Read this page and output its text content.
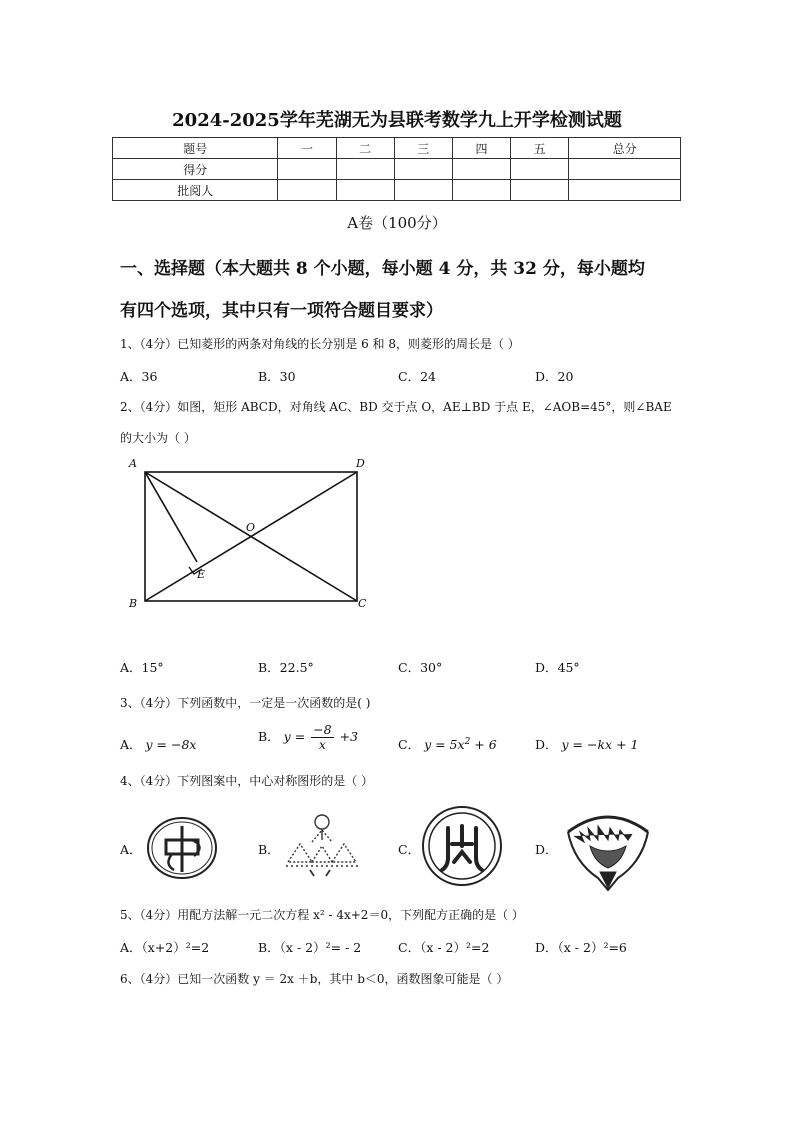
2024-2025学年芜湖无为县联考数学九上开学检测试题
题号	一	二	三	四	五	总分
得分						
批阅人						
A卷（100分）
一、选择题（本大题共 8 个小题，每小题 4 分，共 32 分，每小题均
有四个选项，其中只有一项符合题目要求）
1、（4分）已知菱形的两条对角线的长分别是 6 和 8，则菱形的周长是（ ）
A．36	B．30	C．24	D．20
2、（4分）如图，矩形 ABCD，对角线 AC、BD 交于点 O，AE⊥BD 于点 E，∠AOB=45°，则∠BAE
的大小为（ ）
A
B	C
D
O
E
A．15°	B．22.5°	C．30°	D．45°
3、（4分）下列函数中，一定是一次函数的是( )
A． y = −8x
B． $y = \frac{-8}{x} +3$
C． $y = 5x^2 + 6$	D． y = −kx + 1
4、（4分）下列图案中，中心对称图形的是（ ）
A．	B．	C．	D．
5、（4分）用配方法解一元二次方程 x² - 4x+2＝0，下列配方正确的是（ ）
A．（x+2）²=2	B．（x - 2）²= - 2	C．（x - 2）²=2	D．（x - 2）²=6
6、（4分）已知一次函数 y ＝ 2x ＋b，其中 b＜0，函数图象可能是（ ）
